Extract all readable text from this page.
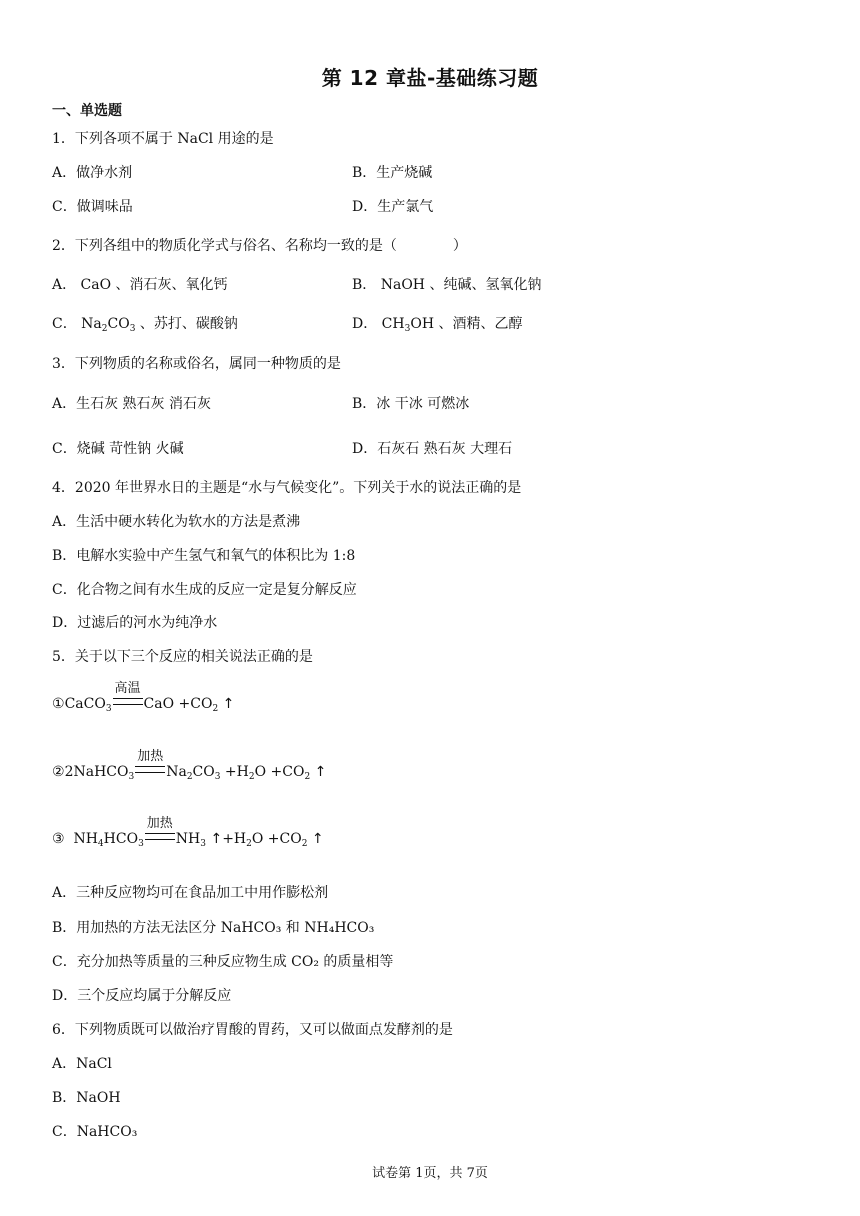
第 12 章盐-基础练习题
一、单选题
1．下列各项不属于 NaCl 用途的是
A．做净水剂	B．生产烧碱
C．做调味品	D．生产氯气
2．下列各组中的物质化学式与俗名、名称均一致的是（	）
A． CaO 、消石灰、氧化钙	B． NaOH 、纯碱、氢氧化钠
C． $Na_2CO_3$ 、苏打、碳酸钠	D． $CH_3OH$ 、酒精、乙醇
3．下列物质的名称或俗名，属同一种物质的是
A．生石灰 熟石灰 消石灰	B．冰 干冰 可燃冰
C．烧碱 苛性钠 火碱	D．石灰石 熟石灰 大理石
4．2020 年世界水日的主题是“水与气候变化”。下列关于水的说法正确的是
A．生活中硬水转化为软水的方法是煮沸
B．电解水实验中产生氢气和氧气的体积比为 1:8
C．化合物之间有水生成的反应一定是复分解反应
D．过滤后的河水为纯净水
5．关于以下三个反应的相关说法正确的是
①CaCO$_3$
高温
CaO $+CO_2$ ↑
②2NaHCO$_3$
加热
$Na_2CO_3 +H_2O +CO_2$ ↑
③  $NH_4HCO_3$
加热
$NH_3$ $↑+H_2O +CO_2$ ↑
A．三种反应物均可在食品加工中用作膨松剂
B．用加热的方法无法区分 NaHCO₃ 和 NH₄HCO₃
C．充分加热等质量的三种反应物生成 CO₂ 的质量相等
D．三个反应均属于分解反应
6．下列物质既可以做治疗胃酸的胃药，又可以做面点发酵剂的是
A．NaCl
B．NaOH
C．NaHCO₃
试卷第 1页，共 7页
